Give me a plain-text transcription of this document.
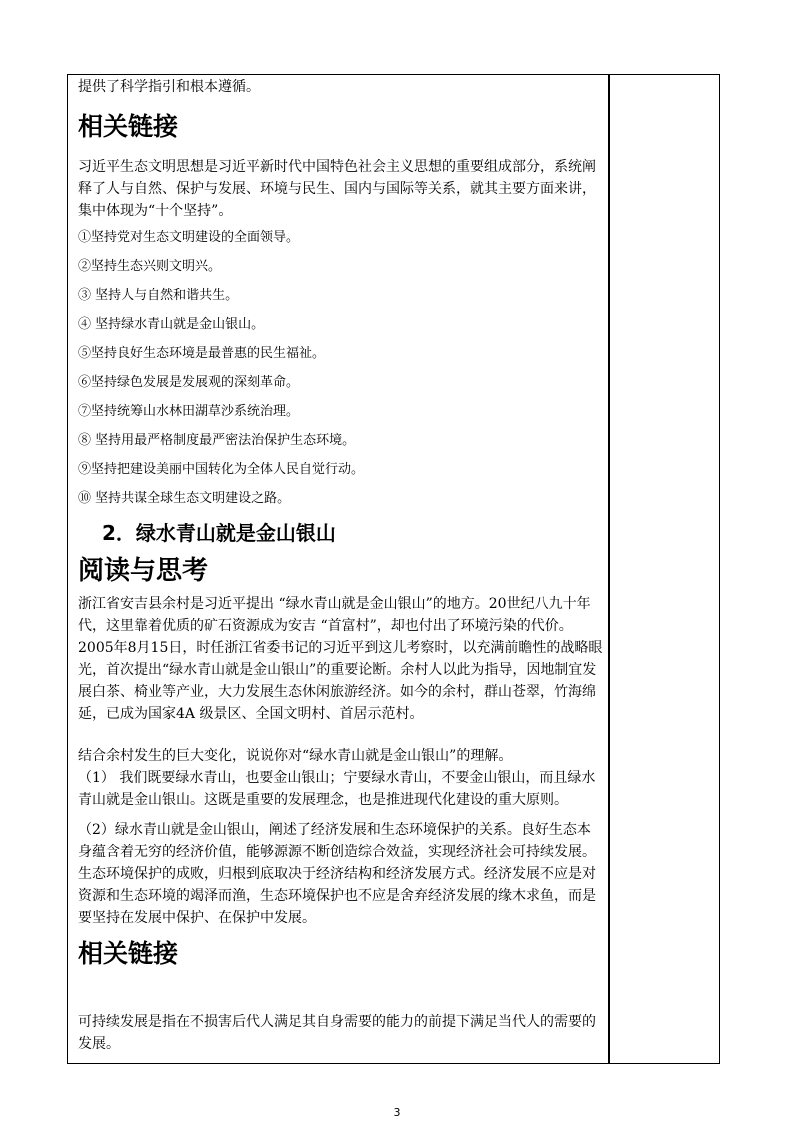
提供了科学指引和根本遵循。

相关链接

习近平生态文明思想是习近平新时代中国特色社会主义思想的重要组成部分，系统阐释了人与自然、保护与发展、环境与民生、国内与国际等关系，就其主要方面来讲，集中体现为“十个坚持”。

①坚持党对生态文明建设的全面领导。

②坚持生态兴则文明兴。

③ 坚持人与自然和谐共生。

④ 坚持绿水青山就是金山银山。

⑤坚持良好生态环境是最普惠的民生福祉。

⑥坚持绿色发展是发展观的深刻革命。

⑦坚持统筹山水林田湖草沙系统治理。

⑧ 坚持用最严格制度最严密法治保护生态环境。

⑨坚持把建设美丽中国转化为全体人民自觉行动。

⑩ 坚持共谋全球生态文明建设之路。

2．绿水青山就是金山银山

阅读与思考

浙江省安吉县余村是习近平提出 “绿水青山就是金山银山”的地方。20世纪八九十年代，这里靠着优质的矿石资源成为安吉 “首富村”，却也付出了环境污染的代价。2005年8月15日，时任浙江省委书记的习近平到这儿考察时，以充满前瞻性的战略眼光，首次提出“绿水青山就是金山银山”的重要论断。余村人以此为指导，因地制宜发展白茶、椅业等产业，大力发展生态休闲旅游经济。如今的余村，群山苍翠，竹海绵延，已成为国家4A 级景区、全国文明村、首居示范村。

结合余村发生的巨大变化，说说你对“绿水青山就是金山银山”的理解。

（1） 我们既要绿水青山，也要金山银山；宁要绿水青山，不要金山银山，而且绿水青山就是金山银山。这既是重要的发展理念，也是推进现代化建设的重大原则。

（2）绿水青山就是金山银山，阐述了经济发展和生态环境保护的关系。良好生态本身蕴含着无穷的经济价值，能够源源不断创造综合效益，实现经济社会可持续发展。生态环境保护的成败，归根到底取决于经济结构和经济发展方式。经济发展不应是对资源和生态环境的竭泽而渔，生态环境保护也不应是舍弃经济发展的缘木求鱼，而是要坚持在发展中保护、在保护中发展。

相关链接

可持续发展是指在不损害后代人满足其自身需要的能力的前提下满足当代人的需要的发展。

3
